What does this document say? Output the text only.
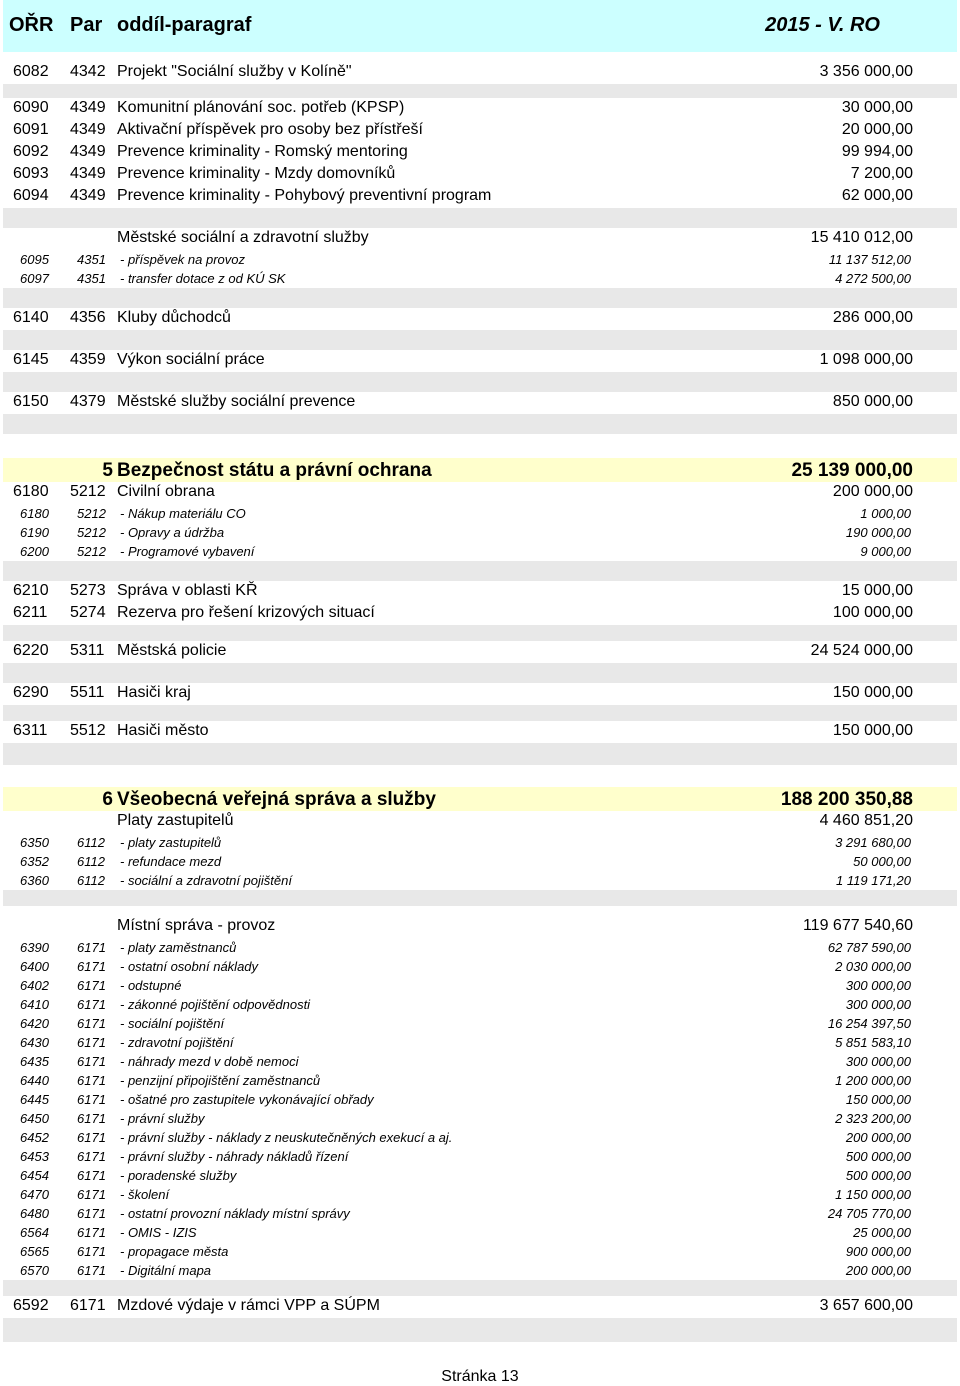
OŘR Par oddíl-paragraf	2015 - V. RO
6082 4342 Projekt "Sociální služby v Kolíně"	3 356 000,00
6090 4349 Komunitní plánování soc. potřeb (KPSP)	30 000,00
6091 4349 Aktivační příspěvek pro osoby bez přístřeší	20 000,00
6092 4349 Prevence kriminality - Romský mentoring	99 994,00
6093 4349 Prevence kriminality - Mzdy domovníků	7 200,00
6094 4349 Prevence kriminality - Pohybový preventivní program	62 000,00
Městské sociální a zdravotní služby	15 410 012,00
6095 4351 - příspěvek na provoz	11 137 512,00
6097 4351 - transfer dotace z od KÚ SK	4 272 500,00
6140 4356 Kluby důchodců	286 000,00
6145 4359 Výkon sociální práce	1 098 000,00
6150 4379 Městské služby sociální prevence	850 000,00
5 Bezpečnost státu a právní ochrana	25 139 000,00
6180 5212 Civilní obrana	200 000,00
6180 5212 - Nákup materiálu CO	1 000,00
6190 5212 - Opravy a údržba	190 000,00
6200 5212 - Programové vybavení	9 000,00
6210 5273 Správa v oblasti KŘ	15 000,00
6211 5274 Rezerva pro řešení krizových situací	100 000,00
6220 5311 Městská policie	24 524 000,00
6290 5511 Hasiči kraj	150 000,00
6311 5512 Hasiči město	150 000,00
6 Všeobecná veřejná správa a služby	188 200 350,88
Platy zastupitelů	4 460 851,20
6350 6112 - platy zastupitelů	3 291 680,00
6352 6112 - refundace mezd	50 000,00
6360 6112 - sociální a zdravotní pojištění	1 119 171,20
Místní správa - provoz	119 677 540,60
6390 6171 - platy zaměstnanců	62 787 590,00
6400 6171 - ostatní osobní náklady	2 030 000,00
6402 6171 - odstupné	300 000,00
6410 6171 - zákonné pojištění odpovědnosti	300 000,00
6420 6171 - sociální pojištění	16 254 397,50
6430 6171 - zdravotní pojištění	5 851 583,10
6435 6171 - náhrady mezd v době nemoci	300 000,00
6440 6171 - penzijní připojištění zaměstnanců	1 200 000,00
6445 6171 - ošatné pro zastupitele vykonávající obřady	150 000,00
6450 6171 - právní služby	2 323 200,00
6452 6171 - právní služby - náklady z neuskutečněných exekucí a aj.	200 000,00
6453 6171 - právní služby - náhrady nákladů řízení	500 000,00
6454 6171 - poradenské služby	500 000,00
6470 6171 - školení	1 150 000,00
6480 6171 - ostatní provozní náklady místní správy	24 705 770,00
6564 6171 - OMIS - IZIS	25 000,00
6565 6171 - propagace města	900 000,00
6570 6171 - Digitální mapa	200 000,00
6592 6171 Mzdové výdaje v rámci VPP a SÚPM	3 657 600,00
Stránka 13
